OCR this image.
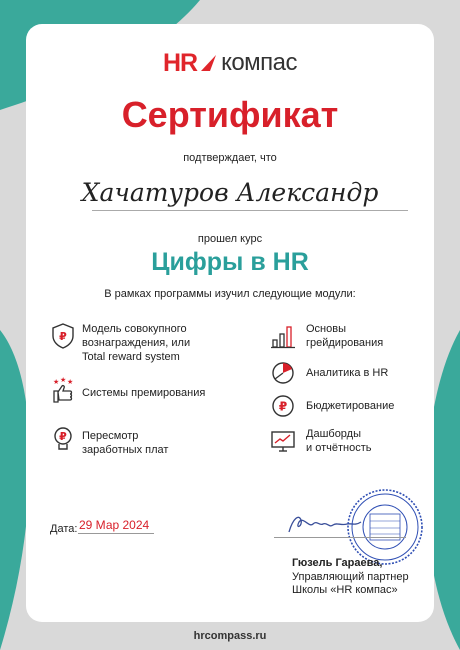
HR компас
Сертификат
подтверждает, что
Хачатуров Александр
прошел курс
Цифры в HR
В рамках программы изучил следующие модули:
₽
Модель совокупного
вознаграждения, или
Total reward system
★ ★ ★
Системы премирования
₽ Пересмотр
заработных плат
Основы
грейдирования
Аналитика в HR
₽ Бюджетирование
Дашборды
и отчётность
Дата: 29 Мар 2024
Гюзель Гараева,
Управляющий партнер
Школы «HR компас»
hrcompass.ru
